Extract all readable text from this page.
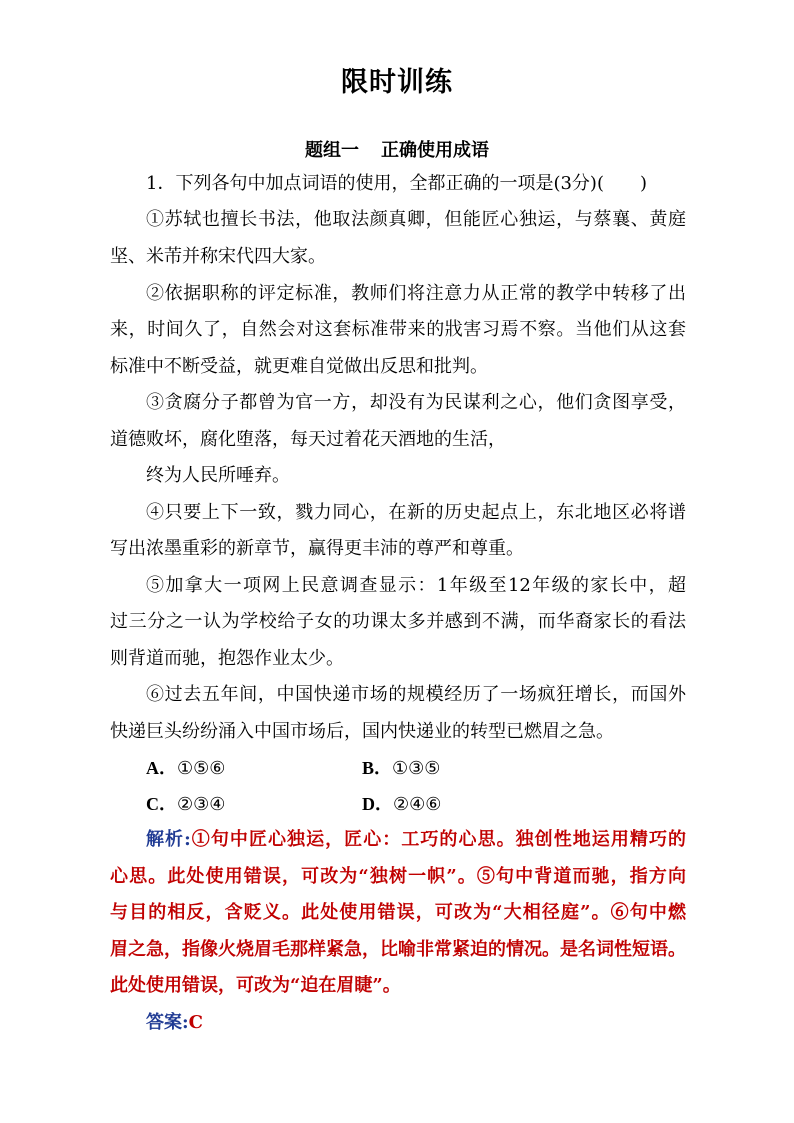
限时训练
题组一 正确使用成语
1．下列各句中加点词语的使用，全都正确的一项是(3分)(　　)
①苏轼也擅长书法，他取法颜真卿，但能匠心独运，与蔡襄、黄庭
坚、米芾并称宋代四大家。
②依据职称的评定标准，教师们将注意力从正常的教学中转移了出
来，时间久了，自然会对这套标准带来的戕害习焉不察。当他们从这套
标准中不断受益，就更难自觉做出反思和批判。
③贪腐分子都曾为官一方，却没有为民谋利之心，他们贪图享受，
道德败坏，腐化堕落，每天过着花天酒地的生活，
终为人民所唾弃。
④只要上下一致，戮力同心，在新的历史起点上，东北地区必将谱
写出浓墨重彩的新章节，赢得更丰沛的尊严和尊重。
⑤加拿大一项网上民意调查显示：1年级至12年级的家长中，超
过三分之一认为学校给子女的功课太多并感到不满，而华裔家长的看法
则背道而驰，抱怨作业太少。
⑥过去五年间，中国快递市场的规模经历了一场疯狂增长，而国外
快递巨头纷纷涌入中国市场后，国内快递业的转型已燃眉之急。
A．①⑤⑥	B．①③⑤
C．②③④	D．②④⑥
解析:①句中匠心独运，匠心：工巧的心思。独创性地运用精巧的
心思。此处使用错误，可改为“独树一帜”。⑤句中背道而驰，指方向
与目的相反，含贬义。此处使用错误，可改为“大相径庭”。⑥句中燃
眉之急，指像火烧眉毛那样紧急，比喻非常紧迫的情况。是名词性短语。
此处使用错误，可改为“迫在眉睫”。
答案:C
